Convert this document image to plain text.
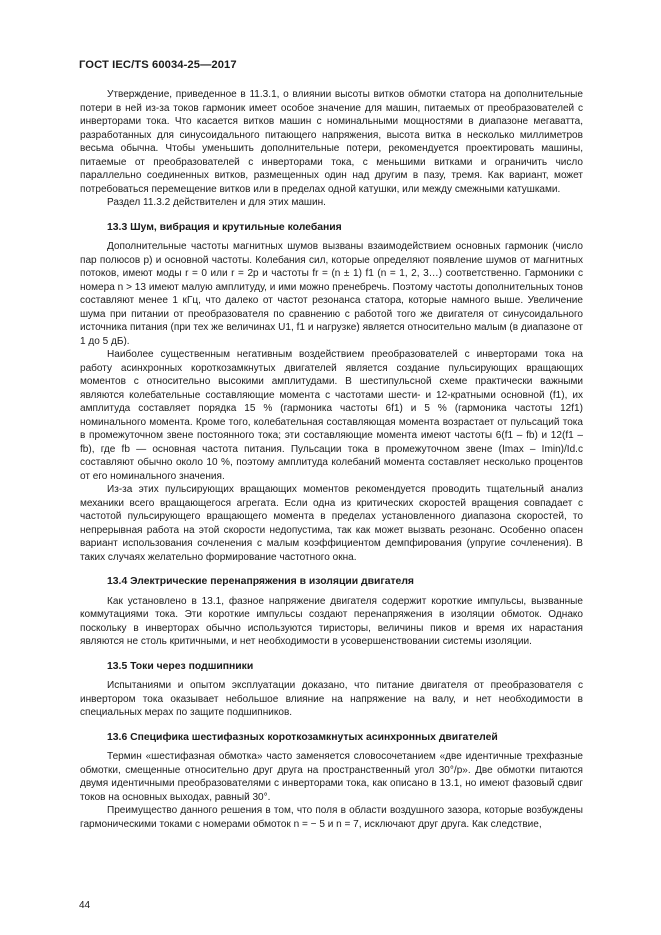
ГОСТ IEC/TS 60034-25—2017

Утверждение, приведенное в 11.3.1, о влиянии высоты витков обмотки статора на дополнительные потери в ней из-за токов гармоник имеет особое значение для машин, питаемых от преобразователей с инверторами тока. Что касается витков машин с номинальными мощностями в диапазоне мегаватта, разработанных для синусоидального питающего напряжения, высота витка в несколько миллиметров весьма обычна. Чтобы уменьшить дополнительные потери, рекомендуется проектировать машины, питаемые от преобразователей с инверторами тока, с меньшими витками и ограничить число параллельно соединенных витков, размещенных один над другим в пазу, тремя. Как вариант, может потребоваться перемещение витков или в пределах одной катушки, или между смежными катушками.

Раздел 11.3.2 действителен и для этих машин.

13.3 Шум, вибрация и крутильные колебания

Дополнительные частоты магнитных шумов вызваны взаимодействием основных гармоник (число пар полюсов p) и основной частоты. Колебания сил, которые определяют появление шумов от магнитных потоков, имеют моды r = 0 или r = 2p и частоты fr = (n ± 1) f1 (n = 1, 2, 3…) соответственно. Гармоники с номера n > 13 имеют малую амплитуду, и ими можно пренебречь. Поэтому частоты дополнительных тонов составляют менее 1 кГц, что далеко от частот резонанса статора, которые намного выше. Увеличение шума при питании от преобразователя по сравнению с работой того же двигателя от синусоидального источника питания (при тех же величинах U1, f1 и нагрузке) является относительно малым (в диапазоне от 1 до 5 дБ).

Наиболее существенным негативным воздействием преобразователей с инверторами тока на работу асинхронных короткозамкнутых двигателей является создание пульсирующих вращающих моментов с относительно высокими амплитудами. В шестипульсной схеме практически важными являются колебательные составляющие момента с частотами шести- и 12-кратными основной (f1), их амплитуда составляет порядка 15 % (гармоника частоты 6f1) и 5 % (гармоника частоты 12f1) номинального момента. Кроме того, колебательная составляющая момента возрастает от пульсаций тока в промежуточном звене постоянного тока; эти составляющие момента имеют частоты 6(f1 – fb) и 12(f1 – fb), где fb — основная частота питания. Пульсации тока в промежуточном звене (Imax – Imin)/Id.c составляют обычно около 10 %, поэтому амплитуда колебаний момента составляет несколько процентов от его номинального значения.

Из-за этих пульсирующих вращающих моментов рекомендуется проводить тщательный анализ механики всего вращающегося агрегата. Если одна из критических скоростей вращения совпадает с частотой пульсирующего вращающего момента в пределах установленного диапазона скоростей, то непрерывная работа на этой скорости недопустима, так как может вызвать резонанс. Особенно опасен вариант использования сочленения с малым коэффициентом демпфирования (упругие сочленения). В таких случаях желательно формирование частотного окна.

13.4 Электрические перенапряжения в изоляции двигателя

Как установлено в 13.1, фазное напряжение двигателя содержит короткие импульсы, вызванные коммутациями тока. Эти короткие импульсы создают перенапряжения в изоляции обмоток. Однако поскольку в инверторах обычно используются тиристоры, величины пиков и время их нарастания являются не столь критичными, и нет необходимости в усовершенствовании системы изоляции.

13.5 Токи через подшипники

Испытаниями и опытом эксплуатации доказано, что питание двигателя от преобразователя с инвертором тока оказывает небольшое влияние на напряжение на валу, и нет необходимости в специальных мерах по защите подшипников.

13.6 Специфика шестифазных короткозамкнутых асинхронных двигателей

Термин «шестифазная обмотка» часто заменяется словосочетанием «две идентичные трехфазные обмотки, смещенные относительно друг друга на пространственный угол 30°/p». Две обмотки питаются двумя идентичными преобразователями с инверторами тока, как описано в 13.1, но имеют фазовый сдвиг токов на основных выходах, равный 30°.

Преимущество данного решения в том, что поля в области воздушного зазора, которые возбуждены гармоническими токами с номерами обмоток n = − 5 и n = 7, исключают друг друга. Как следствие,

44
